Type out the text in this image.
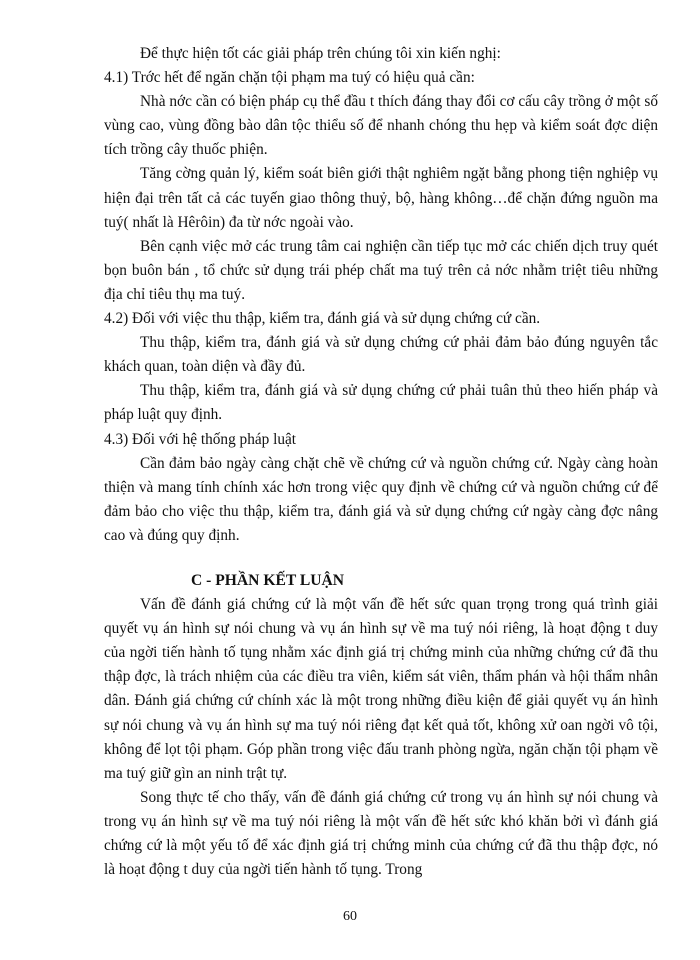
Để thực hiện tốt các giải pháp trên chúng tôi xin kiến nghị:

4.1) Trớc hết để ngăn chặn tội phạm ma tuý có hiệu quả cần:

Nhà nớc cần có biện pháp cụ thể đầu t thích đáng thay đổi cơ cấu cây trồng ở một số vùng cao, vùng đồng bào dân tộc thiểu số để nhanh chóng thu hẹp và kiểm soát đợc diện tích trồng cây thuốc phiện.

Tăng cờng quản lý, kiểm soát biên giới thật nghiêm ngặt bằng phong tiện nghiệp vụ hiện đại trên tất cả các tuyến giao thông thuỷ, bộ, hàng không…để chặn đứng nguồn ma tuý( nhất là Hêrôin) đa từ nớc ngoài vào.

Bên cạnh việc mở các trung tâm cai nghiện cần tiếp tục mở các chiến dịch truy quét bọn buôn bán , tổ chức sử dụng trái phép chất ma tuý trên cả nớc nhằm triệt tiêu những địa chỉ tiêu thụ ma tuý.

4.2) Đối với việc thu thập, kiểm tra, đánh giá và sử dụng chứng cứ cần.

Thu thập, kiểm tra, đánh giá và sử dụng chứng cứ phải đảm bảo đúng nguyên tắc khách quan, toàn diện và đầy đủ.

Thu thập, kiểm tra, đánh giá và sử dụng chứng cứ phải tuân thủ theo hiến pháp và pháp luật quy định.

4.3) Đối với hệ thống pháp luật

Cần đảm bảo ngày càng chặt chẽ về chứng cứ và nguồn chứng cứ. Ngày càng hoàn thiện và mang tính chính xác hơn trong việc quy định về chứng cứ và nguồn chứng cứ để đảm bảo cho việc thu thập, kiểm tra, đánh giá và sử dụng chứng cứ ngày càng đợc nâng cao và đúng quy định.

C - PHẦN KẾT LUẬN

Vấn đề đánh giá chứng cứ là một vấn đề hết sức quan trọng trong quá trình giải quyết vụ án hình sự nói chung và vụ án hình sự về ma tuý nói riêng, là hoạt động t duy của ngời tiến hành tố tụng nhằm xác định giá trị chứng minh của những chứng cứ đã thu thập đợc, là trách nhiệm của các điều tra viên, kiểm sát viên, thẩm phán và hội thẩm nhân dân. Đánh giá chứng cứ chính xác là một trong những điều kiện để giải quyết vụ án hình sự nói chung và vụ án hình sự ma tuý nói riêng đạt kết quả tốt, không xử oan ngời vô tội, không để lọt tội phạm. Góp phần trong việc đấu tranh phòng ngừa, ngăn chặn tội phạm về ma tuý giữ gìn an ninh trật tự.

Song thực tế cho thấy, vấn đề đánh giá chứng cứ trong vụ án hình sự nói chung và trong vụ án hình sự về ma tuý nói riêng là một vấn đề hết sức khó khăn bởi vì đánh giá chứng cứ là một yếu tố để xác định giá trị chứng minh của chứng cứ đã thu thập đợc, nó là hoạt động t duy của ngời tiến hành tố tụng. Trong

60
